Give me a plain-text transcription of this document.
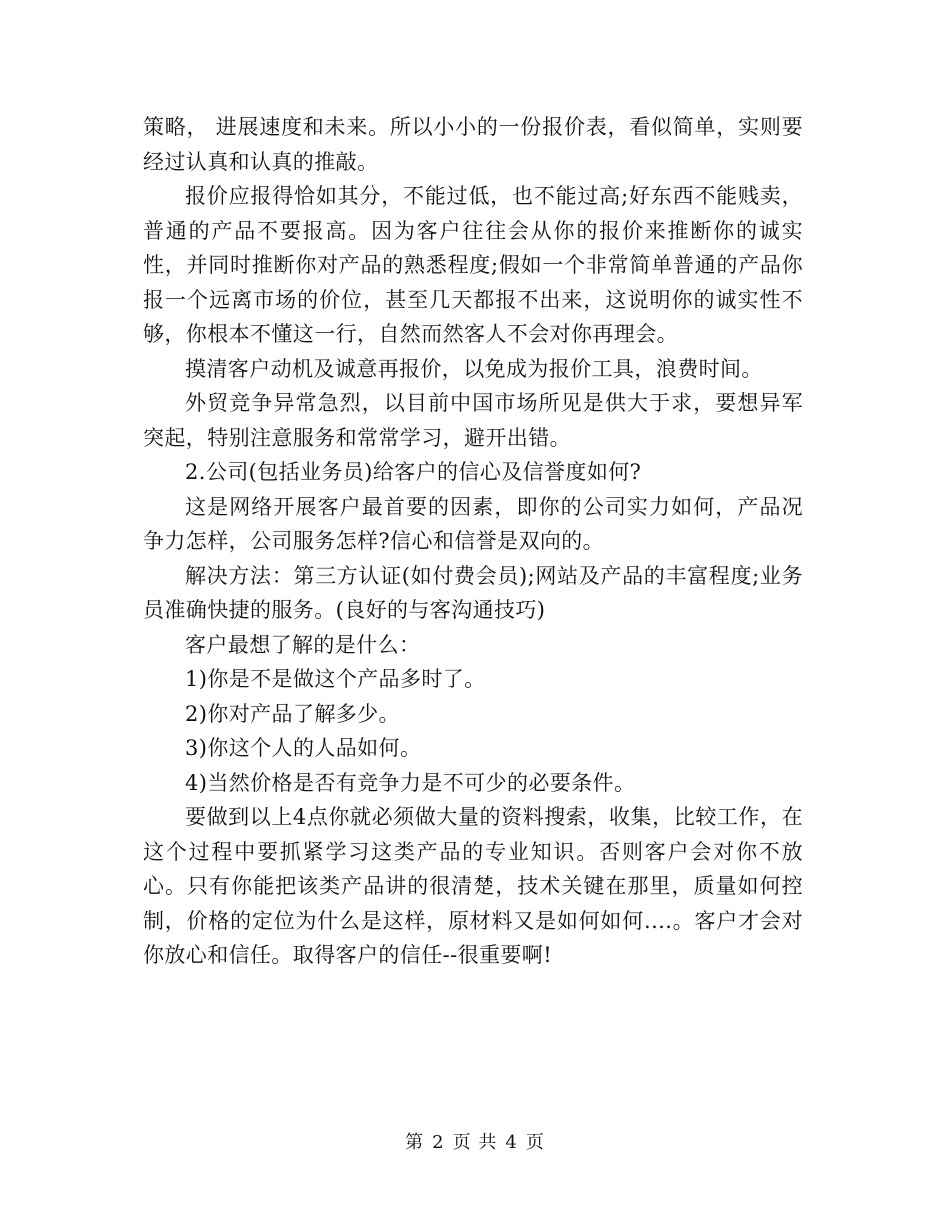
策略， 进展速度和未来。所以小小的一份报价表，看似简单，实则要经过认真和认真的推敲。

报价应报得恰如其分，不能过低，也不能过高;好东西不能贱卖，普通的产品不要报高。因为客户往往会从你的报价来推断你的诚实性，并同时推断你对产品的熟悉程度;假如一个非常简单普通的产品你报一个远离市场的价位，甚至几天都报不出来，这说明你的诚实性不够，你根本不懂这一行，自然而然客人不会对你再理会。

摸清客户动机及诚意再报价，以免成为报价工具，浪费时间。

外贸竞争异常急烈，以目前中国市场所见是供大于求，要想异军突起，特别注意服务和常常学习，避开出错。

2.公司(包括业务员)给客户的信心及信誉度如何?

这是网络开展客户最首要的因素，即你的公司实力如何，产品况争力怎样，公司服务怎样?信心和信誉是双向的。

解决方法：第三方认证(如付费会员);网站及产品的丰富程度;业务员准确快捷的服务。(良好的与客沟通技巧)

客户最想了解的是什么：

1)你是不是做这个产品多时了。

2)你对产品了解多少。

3)你这个人的人品如何。

4)当然价格是否有竞争力是不可少的必要条件。

要做到以上4点你就必须做大量的资料搜索，收集，比较工作，在这个过程中要抓紧学习这类产品的专业知识。否则客户会对你不放心。只有你能把该类产品讲的很清楚，技术关键在那里，质量如何控制，价格的定位为什么是这样，原材料又是如何如何....。客户才会对你放心和信任。取得客户的信任--很重要啊!

第 2 页 共 4 页
